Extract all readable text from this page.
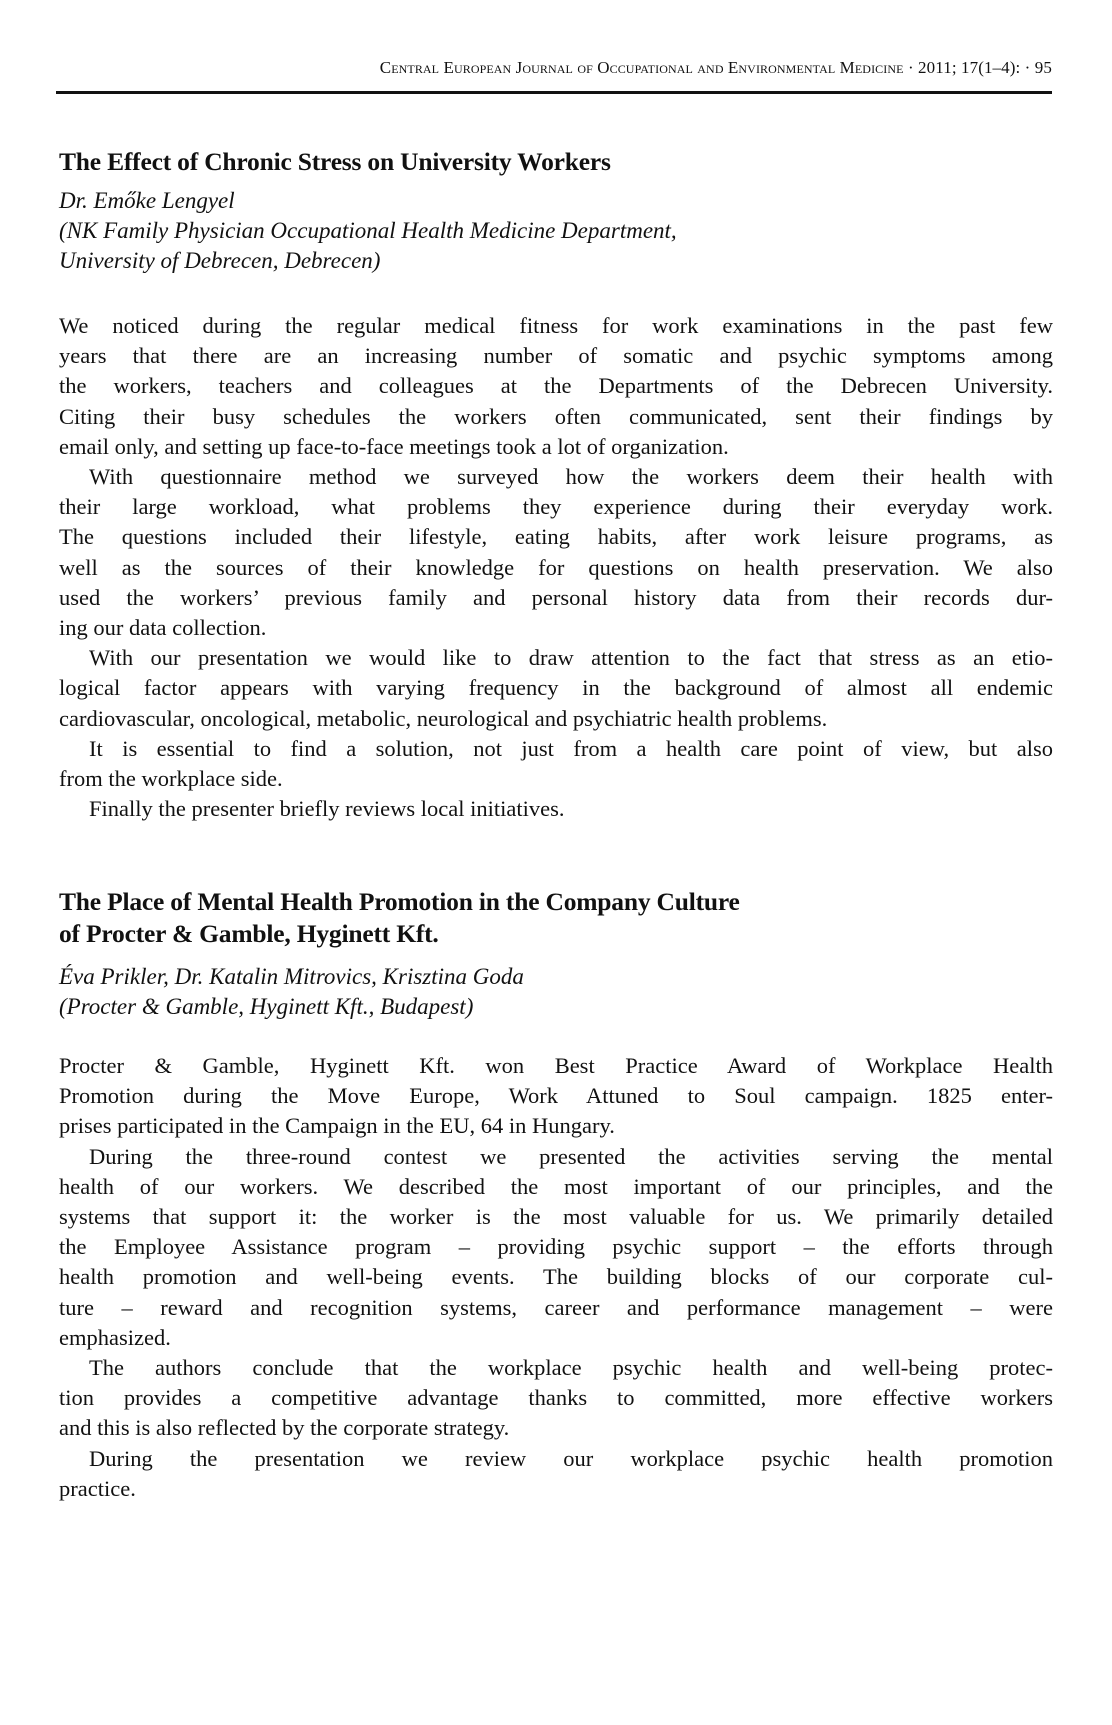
Central European Journal of Occupational and Environmental Medicine · 2011; 17(1–4): · 95
The Effect of Chronic Stress on University Workers

Dr. Emőke Lengyel

(NK Family Physician Occupational Health Medicine Department,

University of Debrecen, Debrecen)

We noticed during the regular medical fitness for work examinations in the past few
years that there are an increasing number of somatic and psychic symptoms among
the workers, teachers and colleagues at the Departments of the Debrecen University.
Citing their busy schedules the workers often communicated, sent their findings by
email only, and setting up face-to-face meetings took a lot of organization.
With questionnaire method we surveyed how the workers deem their health with
their large workload, what problems they experience during their everyday work.
The questions included their lifestyle, eating habits, after work leisure programs, as
well as the sources of their knowledge for questions on health preservation. We also
used the workers’ previous family and personal history data from their records dur-
ing our data collection.
With our presentation we would like to draw attention to the fact that stress as an etio-
logical factor appears with varying frequency in the background of almost all endemic
cardiovascular, oncological, metabolic, neurological and psychiatric health problems.
It is essential to find a solution, not just from a health care point of view, but also
from the workplace side.
Finally the presenter briefly reviews local initiatives.
The Place of Mental Health Promotion in the Company Culture
of Procter & Gamble, Hyginett Kft.

Éva Prikler, Dr. Katalin Mitrovics, Krisztina Goda

(Procter & Gamble, Hyginett Kft., Budapest)

Procter & Gamble, Hyginett Kft. won Best Practice Award of Workplace Health
Promotion during the Move Europe, Work Attuned to Soul campaign. 1825 enter-
prises participated in the Campaign in the EU, 64 in Hungary.
During the three-round contest we presented the activities serving the mental
health of our workers. We described the most important of our principles, and the
systems that support it: the worker is the most valuable for us. We primarily detailed
the Employee Assistance program – providing psychic support – the efforts through
health promotion and well-being events. The building blocks of our corporate cul-
ture – reward and recognition systems, career and performance management – were
emphasized.
The authors conclude that the workplace psychic health and well-being protec-
tion provides a competitive advantage thanks to committed, more effective workers
and this is also reflected by the corporate strategy.
During the presentation we review our workplace psychic health promotion
practice.
